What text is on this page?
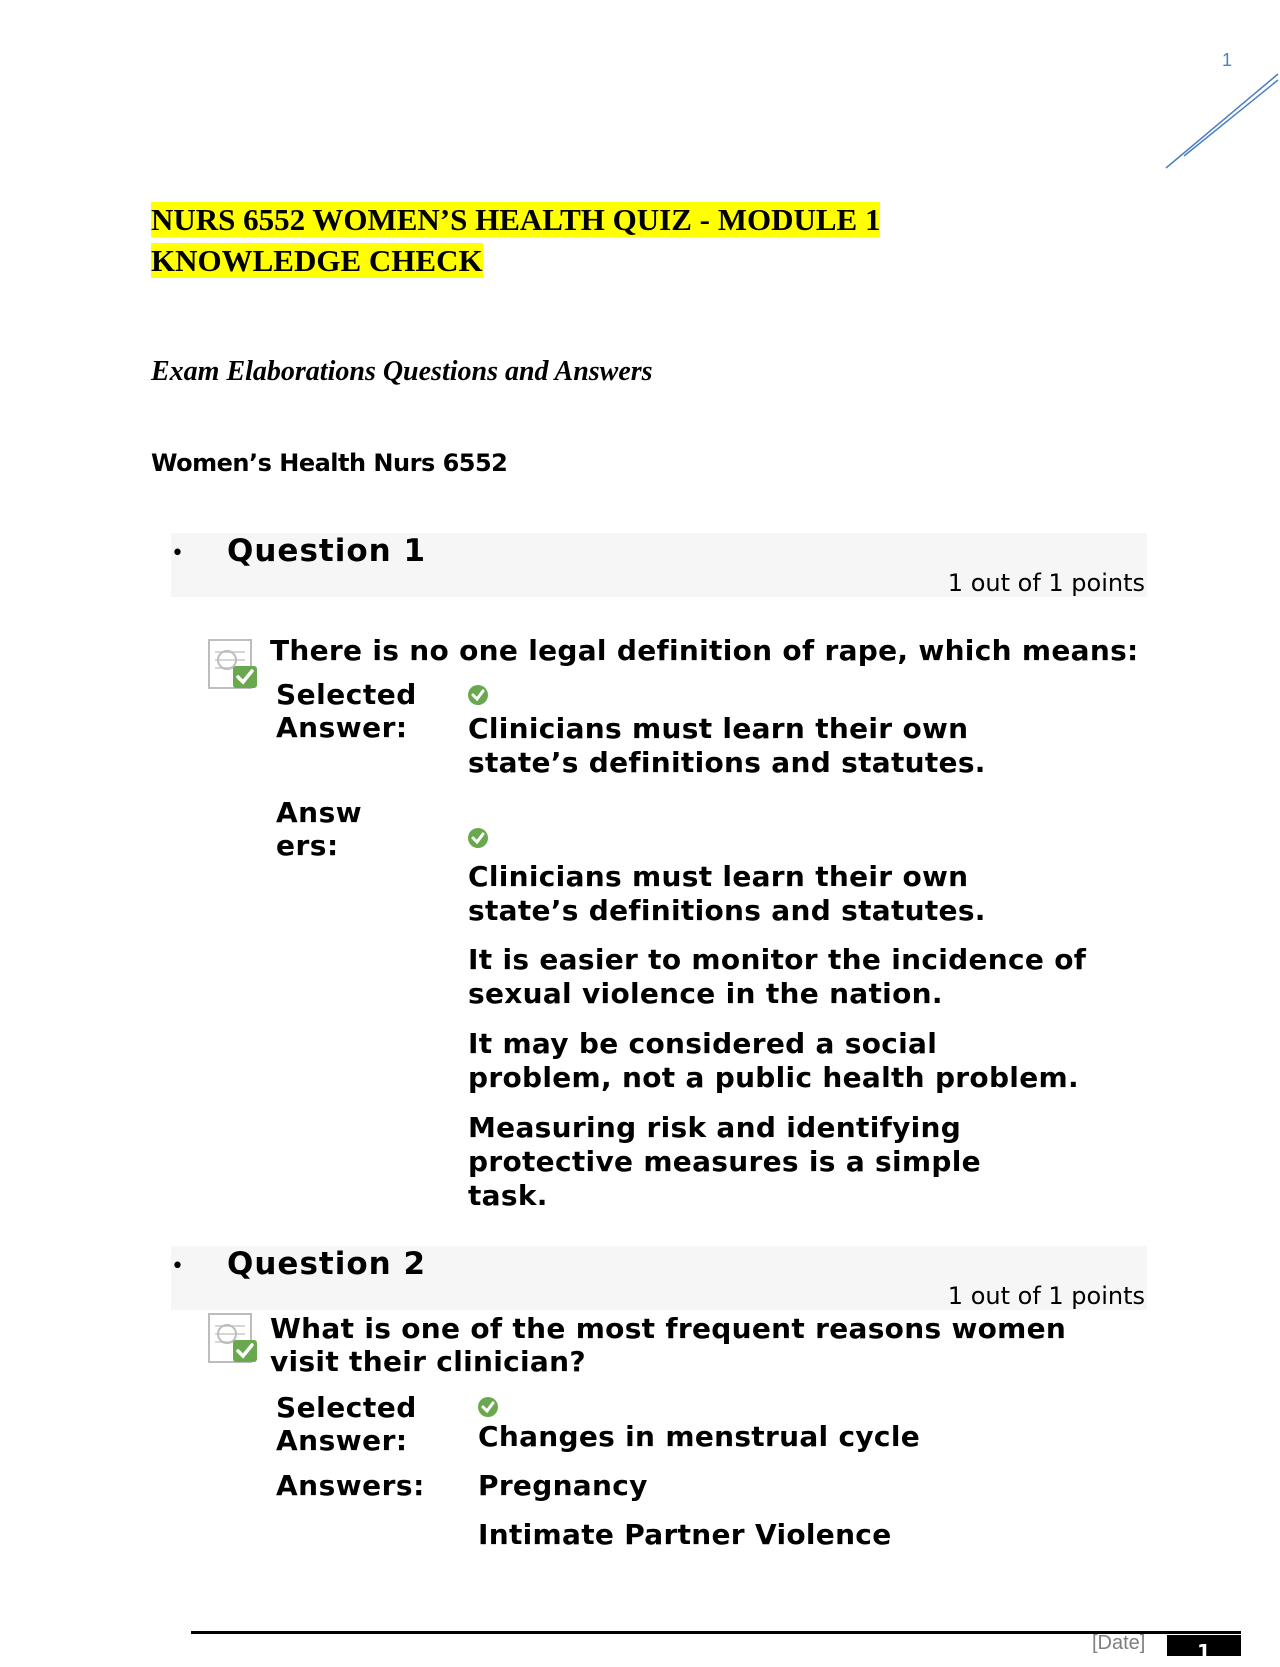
1
NURS 6552 WOMEN’S HEALTH QUIZ - MODULE 1
KNOWLEDGE CHECK
Exam Elaborations Questions and Answers
Women’s Health Nurs 6552
• Question 1
1 out of 1 points
There is no one legal definition of rape, which means:
Selected
Answer:	Clinicians must learn their own
state’s definitions and statutes.
Answ
ers:
Clinicians must learn their own
state’s definitions and statutes.
It is easier to monitor the incidence of
sexual violence in the nation.
It may be considered a social
problem, not a public health problem.
Measuring risk and identifying
protective measures is a simple
task.
• Question 2
1 out of 1 points
What is one of the most frequent reasons women
visit their clinician?
Selected
Answer:	Changes in menstrual cycle
Answers: Pregnancy
Intimate Partner Violence
[Date]	1
